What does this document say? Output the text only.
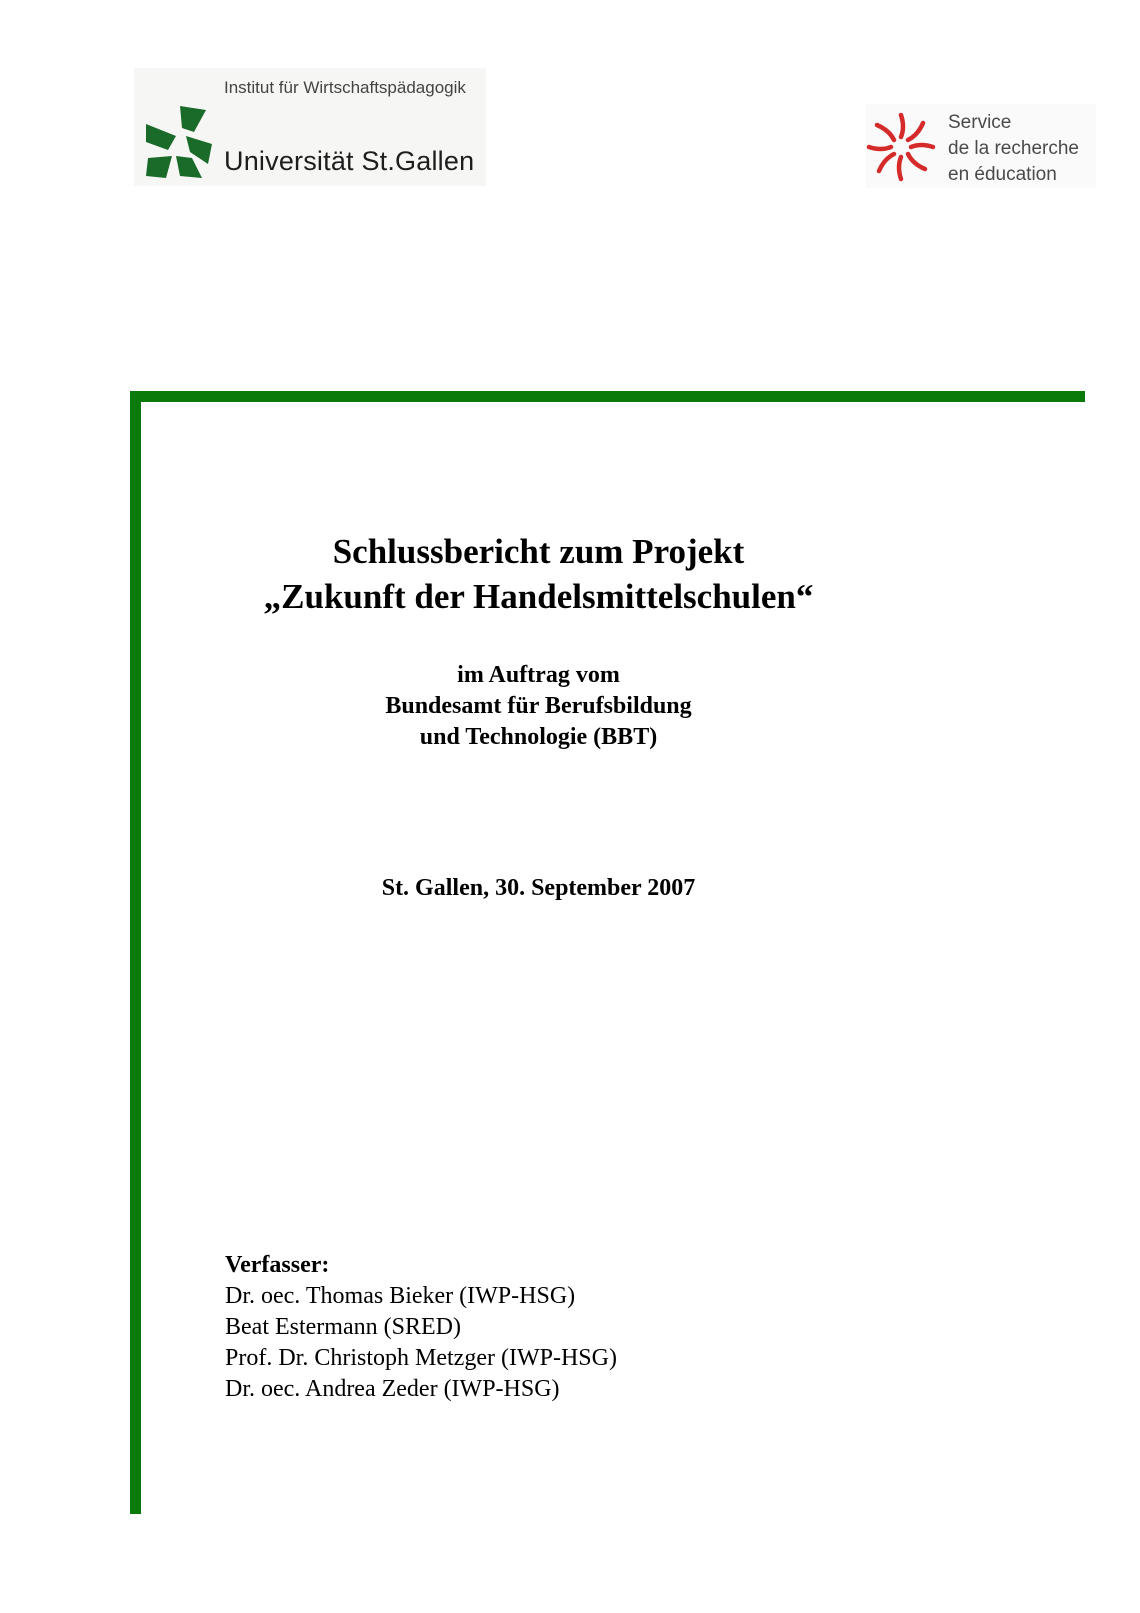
Institut für Wirtschaftspädagogik
Universität St.Gallen
Service
de la recherche
en éducation
Schlussbericht zum Projekt
„Zukunft der Handelsmittelschulen“
im Auftrag vom
Bundesamt für Berufsbildung
und Technologie (BBT)
St. Gallen, 30. September 2007
Verfasser:
Dr. oec. Thomas Bieker (IWP-HSG)
Beat Estermann (SRED)
Prof. Dr. Christoph Metzger (IWP-HSG)
Dr. oec. Andrea Zeder (IWP-HSG)
